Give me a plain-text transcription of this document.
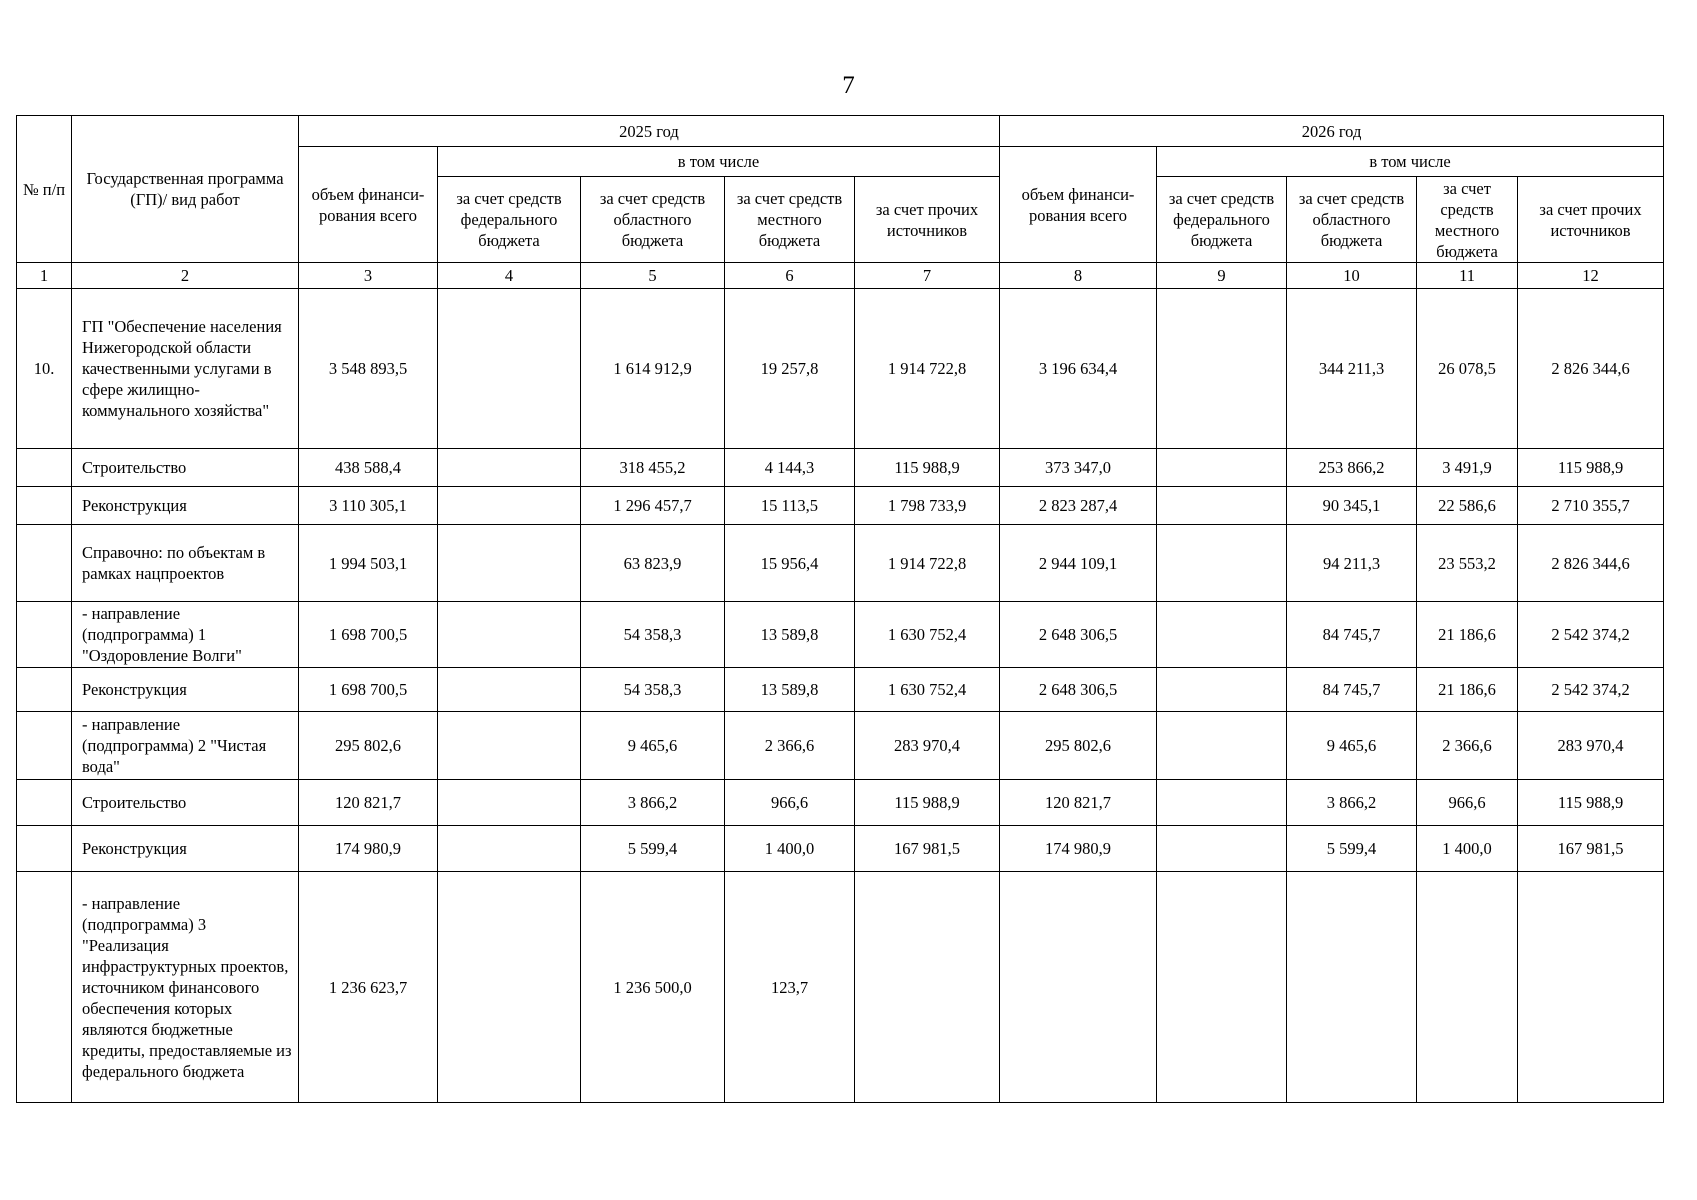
7
№ п/п	Государственная программа (ГП)/ вид работ	2025 год					2026 год				
		объем финанси-рования всего	в том числе				объем финанси-рования всего	в том числе			
			за счет средств федерального бюджета	за счет средств областного бюджета	за счет средств местного бюджета	за счет прочих источников		за счет средств федерального бюджета	за счет средств областного бюджета	за счет средств местного бюджета	за счет прочих источников
1	2	3	4	5	6	7	8	9	10	11	12
10.	ГП "Обеспечение населения Нижегородской области качественными услугами в сфере жилищно-коммунального хозяйства"	3 548 893,5		1 614 912,9	19 257,8	1 914 722,8	3 196 634,4		344 211,3	26 078,5	2 826 344,6
	Строительство	438 588,4		318 455,2	4 144,3	115 988,9	373 347,0		253 866,2	3 491,9	115 988,9
	Реконструкция	3 110 305,1		1 296 457,7	15 113,5	1 798 733,9	2 823 287,4		90 345,1	22 586,6	2 710 355,7
	Справочно: по объектам в рамках нацпроектов	1 994 503,1		63 823,9	15 956,4	1 914 722,8	2 944 109,1		94 211,3	23 553,2	2 826 344,6
	- направление (подпрограмма) 1 "Оздоровление Волги"	1 698 700,5		54 358,3	13 589,8	1 630 752,4	2 648 306,5		84 745,7	21 186,6	2 542 374,2
	Реконструкция	1 698 700,5		54 358,3	13 589,8	1 630 752,4	2 648 306,5		84 745,7	21 186,6	2 542 374,2
	- направление (подпрограмма) 2 "Чистая вода"	295 802,6		9 465,6	2 366,6	283 970,4	295 802,6		9 465,6	2 366,6	283 970,4
	Строительство	120 821,7		3 866,2	966,6	115 988,9	120 821,7		3 866,2	966,6	115 988,9
	Реконструкция	174 980,9		5 599,4	1 400,0	167 981,5	174 980,9		5 599,4	1 400,0	167 981,5
	- направление (подпрограмма) 3 "Реализация инфраструктурных проектов, источником финансового обеспечения которых являются бюджетные кредиты, предоставляемые из федерального бюджета	1 236 623,7		1 236 500,0	123,7						
